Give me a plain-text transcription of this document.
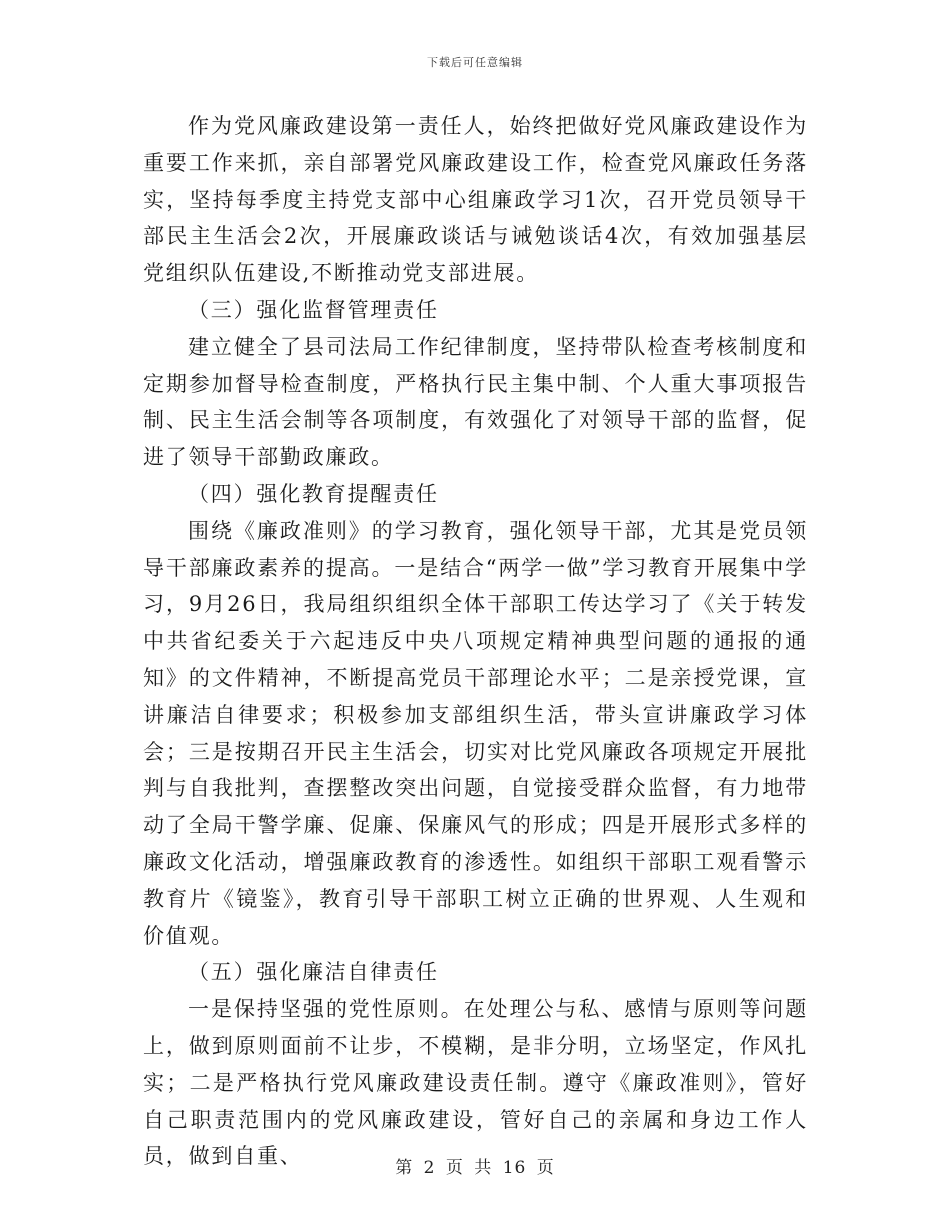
下载后可任意编辑

作为党风廉政建设第一责任人，始终把做好党风廉政建设作为重要工作来抓，亲自部署党风廉政建设工作，检查党风廉政任务落实，坚持每季度主持党支部中心组廉政学习1次，召开党员领导干部民主生活会2次，开展廉政谈话与诫勉谈话4次，有效加强基层党组织队伍建设,不断推动党支部进展。

（三）强化监督管理责任

建立健全了县司法局工作纪律制度，坚持带队检查考核制度和定期参加督导检查制度，严格执行民主集中制、个人重大事项报告制、民主生活会制等各项制度，有效强化了对领导干部的监督，促进了领导干部勤政廉政。

（四）强化教育提醒责任

围绕《廉政准则》的学习教育，强化领导干部，尤其是党员领导干部廉政素养的提高。一是结合“两学一做”学习教育开展集中学习，9月26日，我局组织组织全体干部职工传达学习了《关于转发中共省纪委关于六起违反中央八项规定精神典型问题的通报的通知》的文件精神，不断提高党员干部理论水平；二是亲授党课，宣讲廉洁自律要求；积极参加支部组织生活，带头宣讲廉政学习体会；三是按期召开民主生活会，切实对比党风廉政各项规定开展批判与自我批判，查摆整改突出问题，自觉接受群众监督，有力地带动了全局干警学廉、促廉、保廉风气的形成；四是开展形式多样的廉政文化活动，增强廉政教育的渗透性。如组织干部职工观看警示教育片《镜鉴》，教育引导干部职工树立正确的世界观、人生观和价值观。

（五）强化廉洁自律责任

一是保持坚强的党性原则。在处理公与私、感情与原则等问题上，做到原则面前不让步，不模糊，是非分明，立场坚定，作风扎实；二是严格执行党风廉政建设责任制。遵守《廉政准则》，管好自己职责范围内的党风廉政建设，管好自己的亲属和身边工作人员，做到自重、	第 2 页 共 16 页
